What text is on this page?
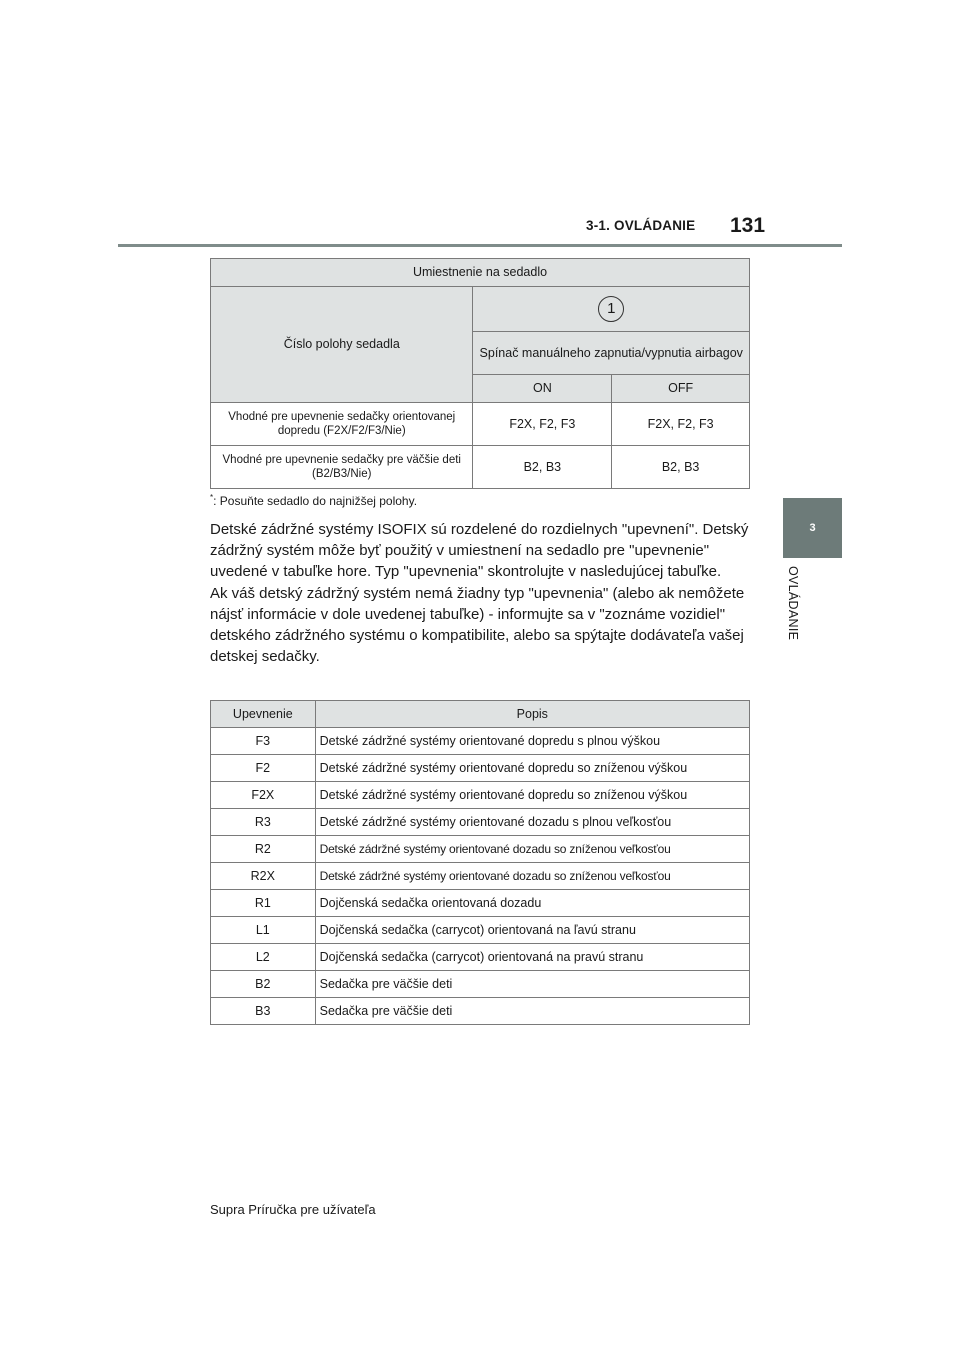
3-1. OVLÁDANIE 131
3
OVLÁDANIE
Umiestnenie na sedadlo		
Číslo polohy sedadla	1	
	Spínač manuálneho zapnutia/vypnutia airbagov	
	ON	OFF
Vhodné pre upevnenie sedačky orientovanej dopredu (F2X/F2/F3/Nie)	F2X, F2, F3	F2X, F2, F3
Vhodné pre upevnenie sedačky pre väčšie deti (B2/B3/Nie)	B2, B3	B2, B3
*: Posuňte sedadlo do najnižšej polohy.

Detské zádržné systémy ISOFIX sú rozdelené do rozdielnych "upevnení". Detský zádržný systém môže byť použitý v umiestnení na sedadlo pre "upevnenie" uvedené v tabuľke hore. Typ "upevnenia" skontrolujte v nasledujúcej tabuľke.

Ak váš detský zádržný systém nemá žiadny typ "upevnenia" (alebo ak nemôžete nájsť informácie v dole uvedenej tabuľke) - informujte sa v "zoznáme vozidiel" detského zádržného systému o kompatibilite, alebo sa spýtajte dodávateľa vašej detskej sedačky.

Upevnenie	Popis
F3	Detské zádržné systémy orientované dopredu s plnou výškou
F2	Detské zádržné systémy orientované dopredu so zníženou výškou
F2X	Detské zádržné systémy orientované dopredu so zníženou výškou
R3	Detské zádržné systémy orientované dozadu s plnou veľkosťou
R2	Detské zádržné systémy orientované dozadu so zníženou veľkosťou
R2X	Detské zádržné systémy orientované dozadu so zníženou veľkosťou
R1	Dojčenská sedačka orientovaná dozadu
L1	Dojčenská sedačka (carrycot) orientovaná na ľavú stranu
L2	Dojčenská sedačka (carrycot) orientovaná na pravú stranu
B2	Sedačka pre väčšie deti
B3	Sedačka pre väčšie deti
Supra Príručka pre užívateľa
